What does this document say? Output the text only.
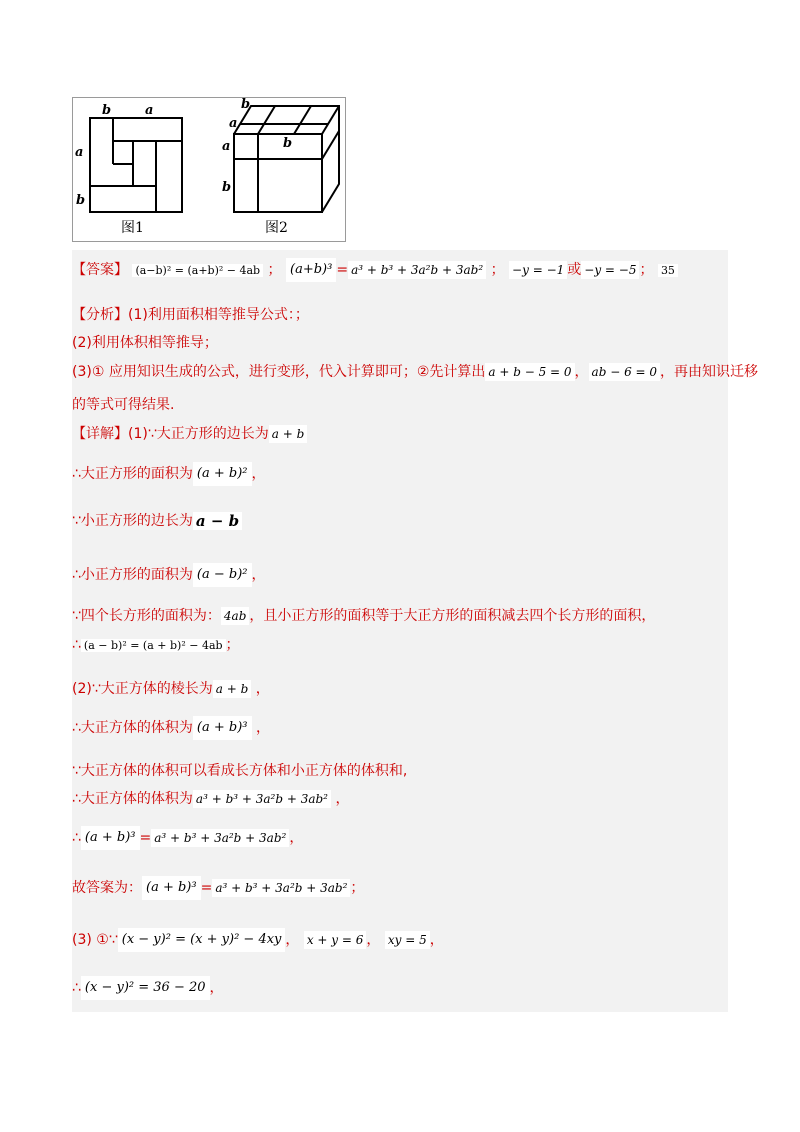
b	a
a
b
图1
b
a
a	b
b
图2
【答案】 (a−b)² = (a+b)² − 4ab ； (a+b)³ = a³ + b³ + 3a²b + 3ab² ； −y = −1 或 −y = −5 ； 35
【分析】(1)利用面积相等推导公式：；
(2)利用体积相等推导；
(3)① 应用知识生成的公式，进行变形，代入计算即可；②先计算出 a + b − 5 = 0 ， ab − 6 = 0 ，再由知识迁移
的等式可得结果.
【详解】(1)∵大正方形的边长为 a + b
∴大正方形的面积为 (a + b)² ，
∵小正方形的边长为 a − b
∴小正方形的面积为 (a − b)² ，
∵四个长方形的面积为： 4ab ，且小正方形的面积等于大正方形的面积减去四个长方形的面积，
∴ (a − b)² = (a + b)² − 4ab ；
(2)∵大正方体的棱长为 a + b ，
∴大正方体的体积为 (a + b)³ ，
∵大正方体的体积可以看成长方体和小正方体的体积和,
∴大正方体的体积为 a³ + b³ + 3a²b + 3ab² ，
∴ (a + b)³ = a³ + b³ + 3a²b + 3ab² ，
故答案为： (a + b)³ = a³ + b³ + 3a²b + 3ab² ；
(3) ①∵ (x − y)² = (x + y)² − 4xy ， x + y = 6 ， xy = 5 ，
∴ (x − y)² = 36 − 20 ，
